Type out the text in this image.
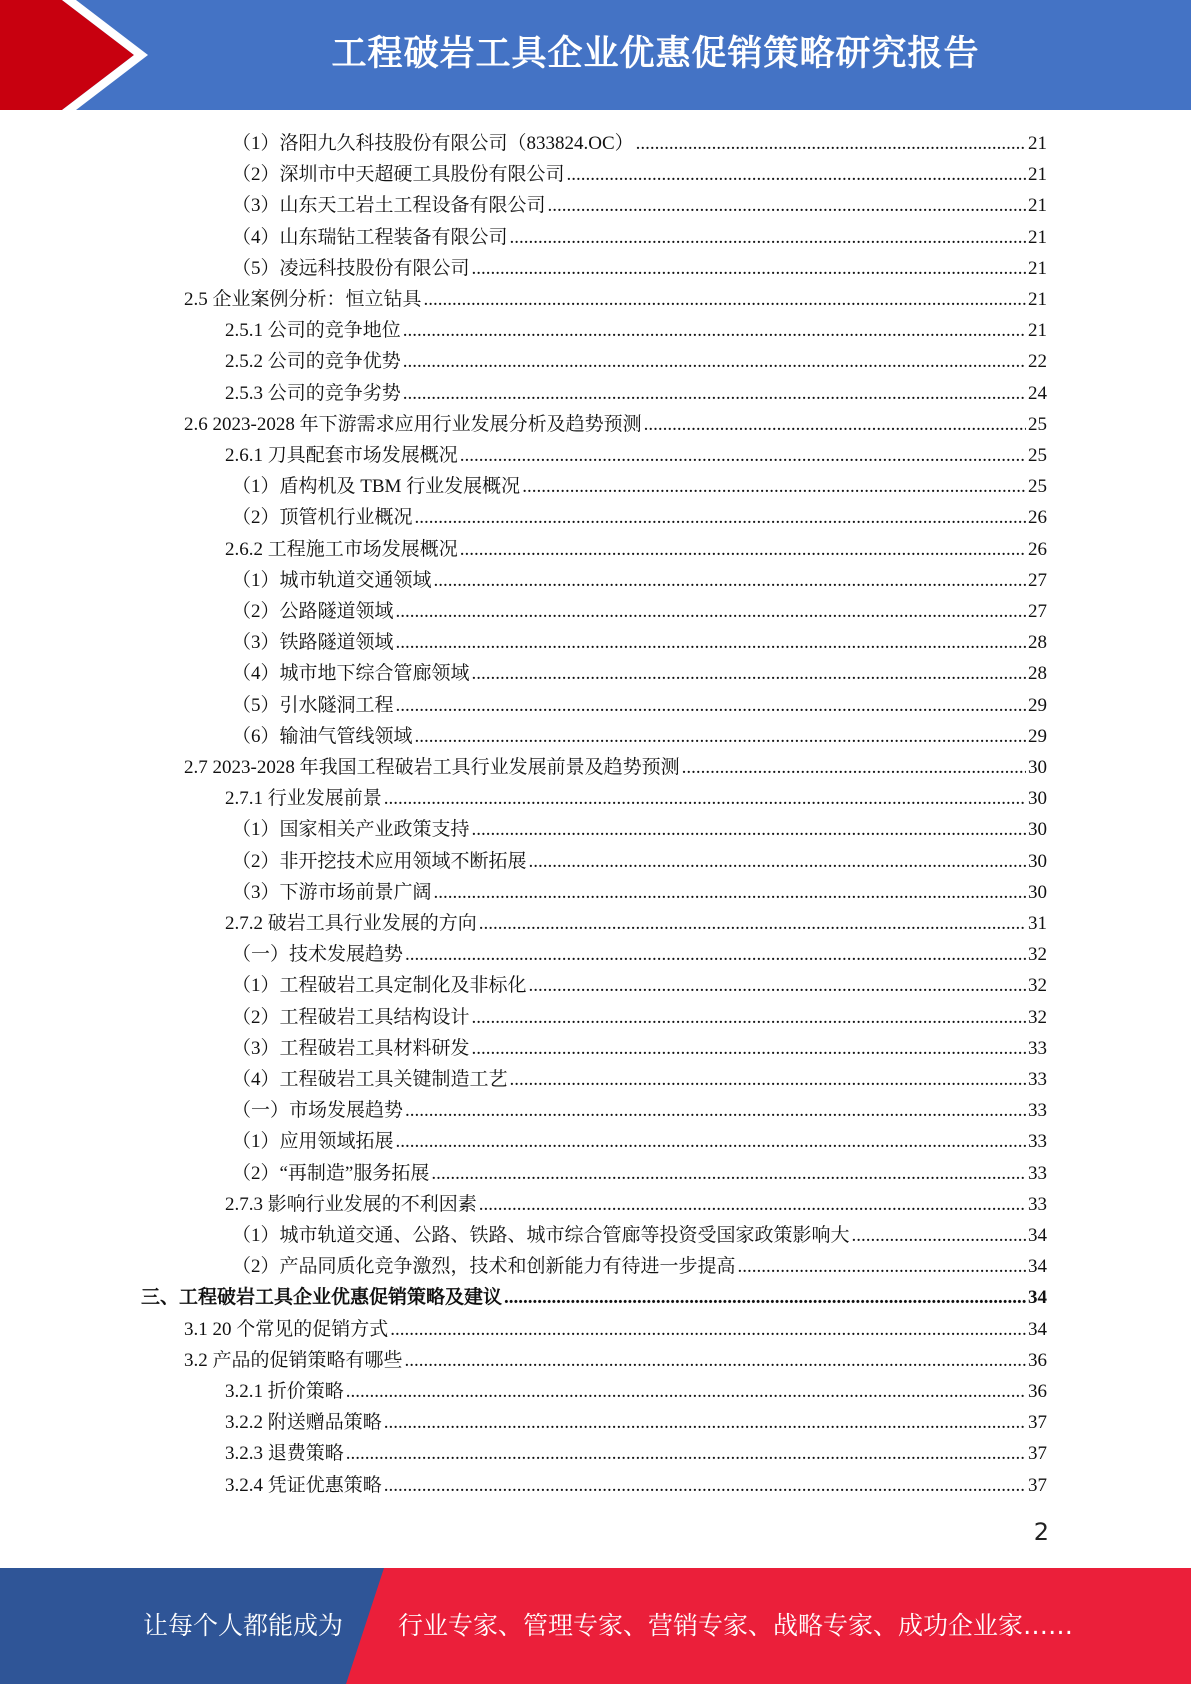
工程破岩工具企业优惠促销策略研究报告
（1）洛阳九久科技股份有限公司（833824.OC） .....	21
（2）深圳市中天超硬工具股份有限公司 .....	21
（3）山东天工岩土工程设备有限公司 .....	21
（4）山东瑞钻工程装备有限公司 .....	21
（5）凌远科技股份有限公司 .....	21
2.5 企业案例分析：恒立钻具 .....	21
2.5.1 公司的竞争地位 .....	21
2.5.2 公司的竞争优势 .....	22
2.5.3 公司的竞争劣势 .....	24
2.6 2023-2028 年下游需求应用行业发展分析及趋势预测 .....	25
2.6.1 刀具配套市场发展概况 .....	25
（1）盾构机及 TBM 行业发展概况 .....	25
（2）顶管机行业概况 .....	26
2.6.2 工程施工市场发展概况 .....	26
（1）城市轨道交通领域 .....	27
（2）公路隧道领域 .....	27
（3）铁路隧道领域 .....	28
（4）城市地下综合管廊领域 .....	28
（5）引水隧洞工程 .....	29
（6）输油气管线领域 .....	29
2.7 2023-2028 年我国工程破岩工具行业发展前景及趋势预测 .....	30
2.7.1 行业发展前景 .....	30
（1）国家相关产业政策支持 .....	30
（2）非开挖技术应用领域不断拓展 .....	30
（3）下游市场前景广阔 .....	30
2.7.2 破岩工具行业发展的方向 .....	31
（一）技术发展趋势 .....	32
（1）工程破岩工具定制化及非标化 .....	32
（2）工程破岩工具结构设计 .....	32
（3）工程破岩工具材料研发 .....	33
（4）工程破岩工具关键制造工艺 .....	33
（一）市场发展趋势 .....	33
（1）应用领域拓展 .....	33
（2）“再制造”服务拓展 .....	33
2.7.3 影响行业发展的不利因素 .....	33
（1）城市轨道交通、公路、铁路、城市综合管廊等投资受国家政策影响大 .....	34
（2）产品同质化竞争激烈，技术和创新能力有待进一步提高 .....	34
三、工程破岩工具企业优惠促销策略及建议 .....	34
3.1 20 个常见的促销方式 .....	34
3.2 产品的促销策略有哪些 .....	36
3.2.1 折价策略 .....	36
3.2.2 附送赠品策略 .....	37
3.2.3 退费策略 .....	37
3.2.4 凭证优惠策略 .....	37
2
让每个人都能成为 行业专家、管理专家、营销专家、战略专家、成功企业家……
